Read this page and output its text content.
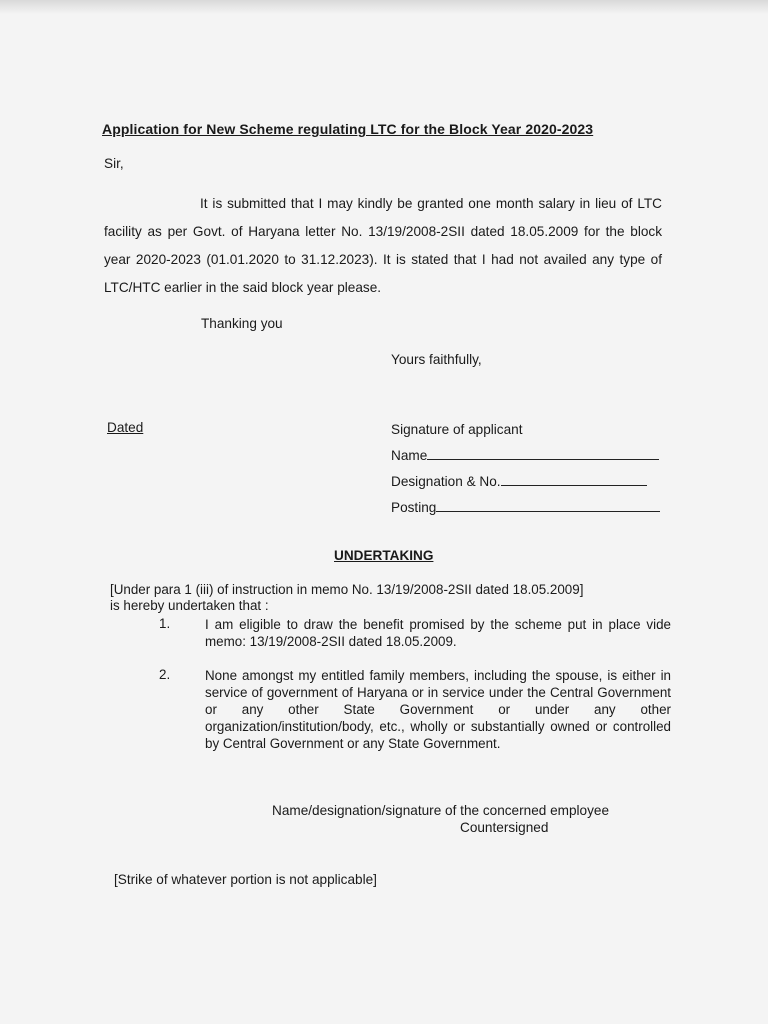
Application for New Scheme regulating LTC for the Block Year 2020-2023
Sir,
It is submitted that I may kindly be granted one month salary in lieu of LTC facility as per Govt. of Haryana letter No. 13/19/2008-2SII dated 18.05.2009 for the block year 2020-2023 (01.01.2020 to 31.12.2023). It is stated that I had not availed any type of LTC/HTC earlier in the said block year please.
Thanking you
Yours faithfully,
Dated	Signature of applicant
Name
Designation & No.
Posting
UNDERTAKING
[Under para 1 (iii) of instruction in memo No. 13/19/2008-2SII dated 18.05.2009]
is hereby undertaken that :
1.	I am eligible to draw the benefit promised by the scheme put in place vide memo: 13/19/2008-2SII dated 18.05.2009.
2.	None amongst my entitled family members, including the spouse, is either in service of government of Haryana or in service under the Central Government or any other State Government or under any other organization/institution/body, etc., wholly or substantially owned or controlled by Central Government or any State Government.
Name/designation/signature of the concerned employee
Countersigned
[Strike of whatever portion is not applicable]
